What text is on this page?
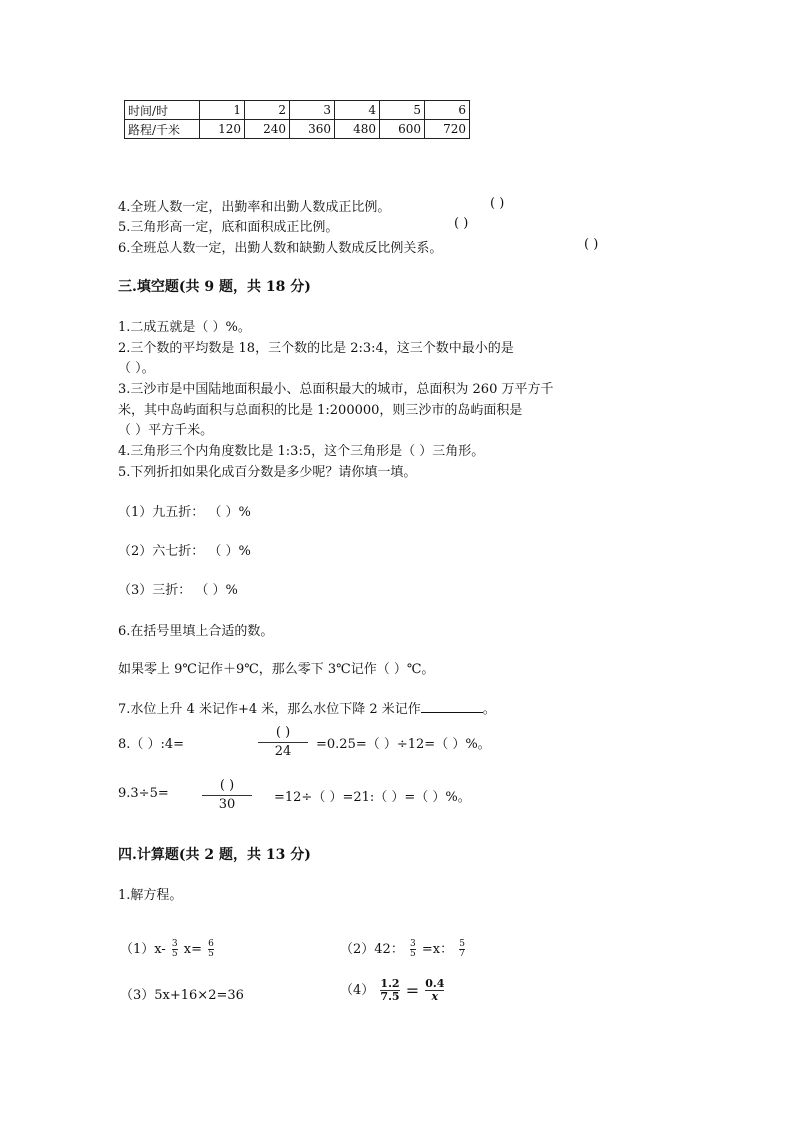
时间/时	1	2	3	4	5	6
路程/千米	120	240	360	480	600	720
4.全班人数一定，出勤率和出勤人数成正比例。	( )
5.三角形高一定，底和面积成正比例。	( )
6.全班总人数一定，出勤人数和缺勤人数成反比例关系。	( )
三.填空题(共 9 题，共 18 分)
1.二成五就是（ ）%。
2.三个数的平均数是 18，三个数的比是 2:3:4，这三个数中最小的是
（ ）。
3.三沙市是中国陆地面积最小、总面积最大的城市，总面积为 260 万平方千
米，其中岛屿面积与总面积的比是 1:200000，则三沙市的岛屿面积是
（ ）平方千米。
4.三角形三个内角度数比是 1:3:5，这个三角形是（ ）三角形。
5.下列折扣如果化成百分数是多少呢？请你填一填。
（1）九五折： （ ）%
（2）六七折： （ ）%
（3）三折： （ ）%
6.在括号里填上合适的数。
如果零上 9℃记作＋9℃，那么零下 3℃记作（ ）℃。
7.水位上升 4 米记作+4 米，那么水位下降 2 米记作	。
8.（ ）:4=
( )
24	=0.25=（ ）÷12=（ ）%。
9.3÷5=
( )
30	=12÷（ ）=21:（ ）=（ ）%。
四.计算题(共 2 题，共 13 分)
1.解方程。
$(1)x- \frac{3}{5} x= \frac{6}{5}$	（2）42： $\frac{3}{5} =x$： $\frac{5}{7}$
（3）5x+16×2=36	$(4) \frac{1.2}{7.5} = \frac{0.4}{x}$
